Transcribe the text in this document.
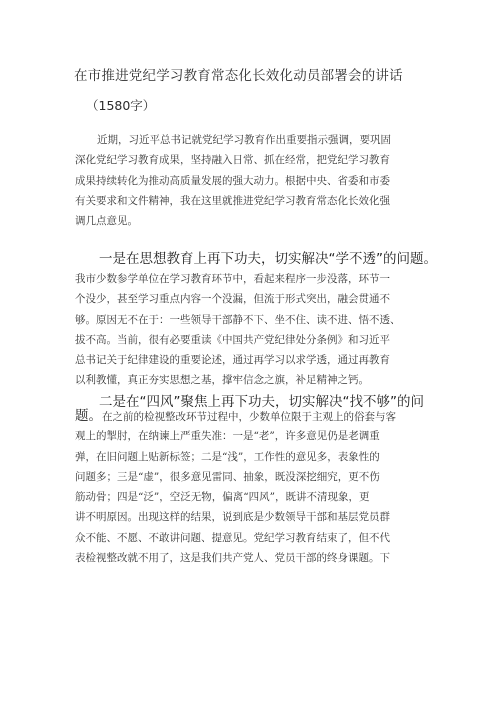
在市推进党纪学习教育常态化长效化动员部署会的讲话
（1580字）
近期，习近平总书记就党纪学习教育作出重要指示强调，要巩固
深化党纪学习教育成果，坚持融入日常、抓在经常，把党纪学习教育
成果持续转化为推动高质量发展的强大动力。根据中央、省委和市委
有关要求和文件精神，我在这里就推进党纪学习教育常态化长效化强
调几点意见。
一是在思想教育上再下功夫，切实解决“学不透”的问题。
我市少数参学单位在学习教育环节中，看起来程序一步没落，环节一
个没少，甚至学习重点内容一个没漏，但流于形式突出，融会贯通不
够。原因无不在于：一些领导干部静不下、坐不住、读不进、悟不透、
拔不高。当前，很有必要重读《中国共产党纪律处分条例》和习近平
总书记关于纪律建设的重要论述，通过再学习以求学透，通过再教育
以利教懂，真正夯实思想之基，撑牢信念之旗，补足精神之钙。
二是在“四风”聚焦上再下功夫，切实解决“找不够”的问
题。在之前的检视整改环节过程中，少数单位限于主观上的俗套与客
观上的掣肘，在纳谏上严重失准：一是“老”，许多意见仍是老调重
弹，在旧问题上贴新标签；二是“浅”，工作性的意见多，表象性的
问题多；三是“虚”，很多意见雷同、抽象，既没深挖细究，更不伤
筋动骨；四是“泛”，空泛无物，偏离“四风”，既讲不清现象，更
讲不明原因。出现这样的结果，说到底是少数领导干部和基层党员群
众不能、不愿、不敢讲问题、提意见。党纪学习教育结束了，但不代
表检视整改就不用了，这是我们共产党人、党员干部的终身课题。下
